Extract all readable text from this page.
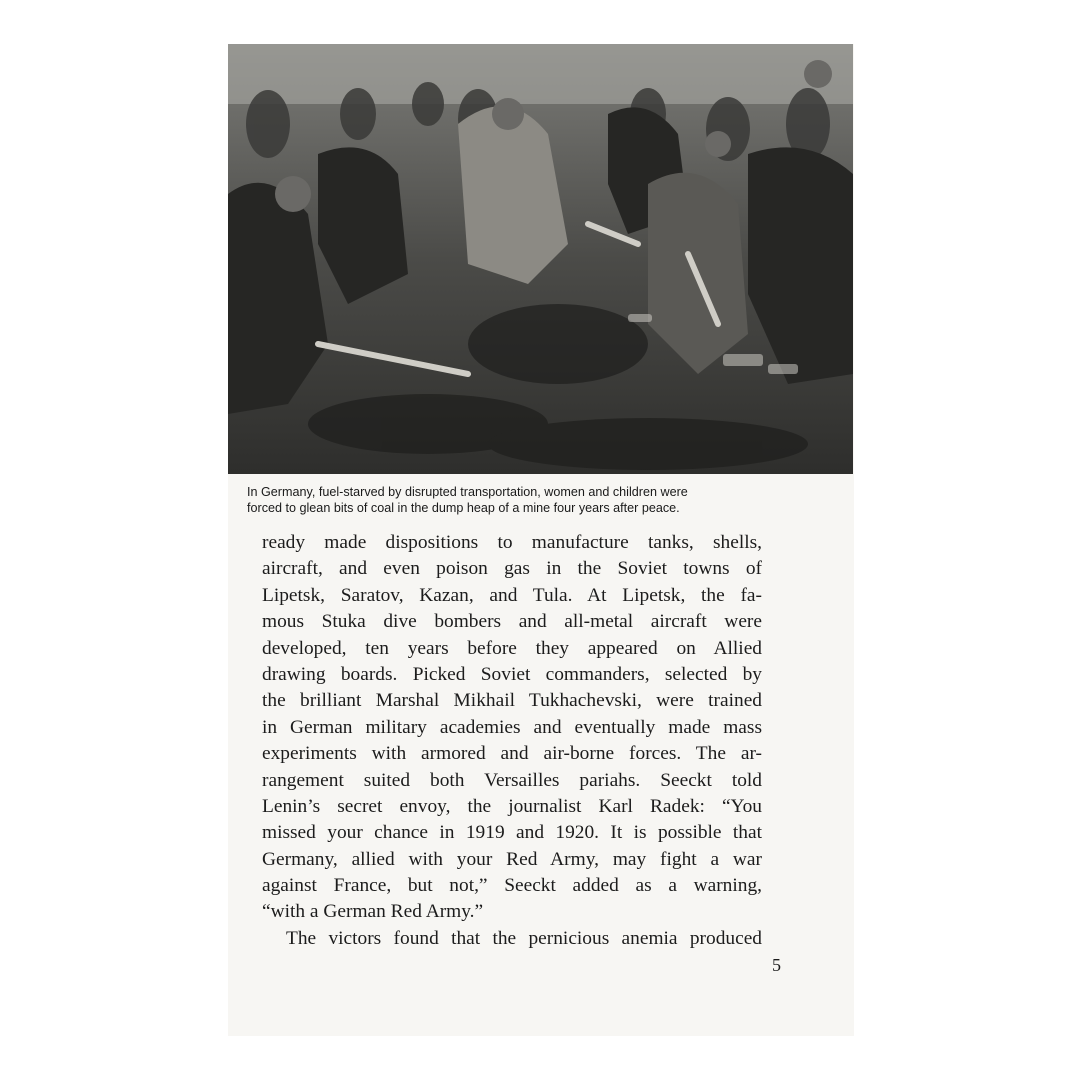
In Germany, fuel-starved by disrupted transportation, women and children were
forced to glean bits of coal in the dump heap of a mine four years after peace.
ready made dispositions to manufacture tanks, shells,
aircraft, and even poison gas in the Soviet towns of
Lipetsk, Saratov, Kazan, and Tula. At Lipetsk, the fa-
mous Stuka dive bombers and all-metal aircraft were
developed, ten years before they appeared on Allied
drawing boards. Picked Soviet commanders, selected by
the brilliant Marshal Mikhail Tukhachevski, were trained
in German military academies and eventually made mass
experiments with armored and air-borne forces. The ar-
rangement suited both Versailles pariahs. Seeckt told
Lenin’s secret envoy, the journalist Karl Radek: “You
missed your chance in 1919 and 1920. It is possible that
Germany, allied with your Red Army, may fight a war
against France, but not,” Seeckt added as a warning,
“with a German Red Army.”
The victors found that the pernicious anemia produced
5
